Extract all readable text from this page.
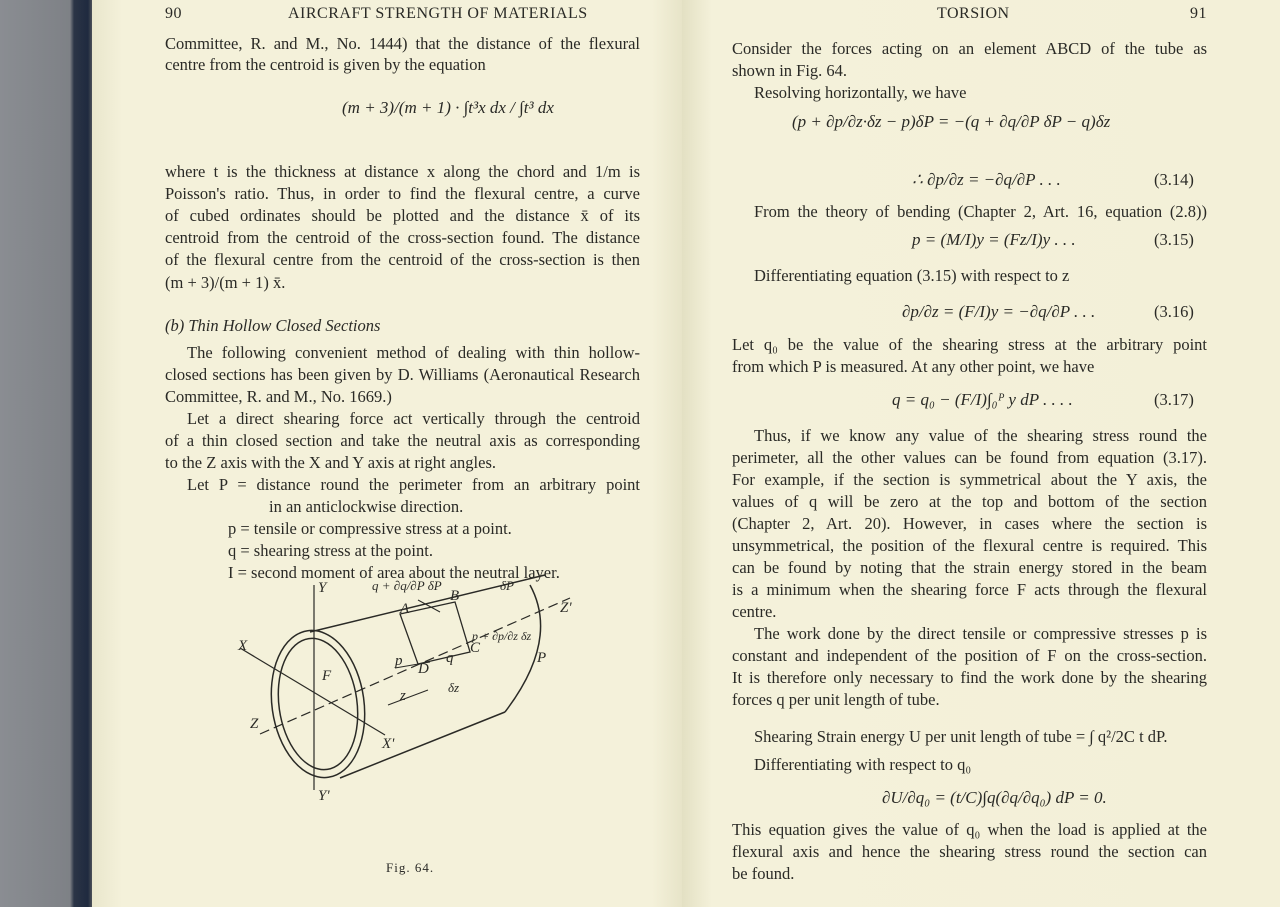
90	AIRCRAFT STRENGTH OF MATERIALS
(m + 3)/(m + 1) · ∫t³x dx / ∫t³ dx
Committee, R. and M., No. 1444) that the distance of the flexural
centre from the centroid is given by the equation
where t is the thickness at distance x along the chord and 1/m is
Poisson's ratio. Thus, in order to find the flexural centre, a curve
of cubed ordinates should be plotted and the distance x̄ of its
centroid from the centroid of the cross-section found. The distance
of the flexural centre from the centroid of the cross-section is then
(m + 3)/(m + 1) x̄.
(b) Thin Hollow Closed Sections
The following convenient method of dealing with thin hollow-
closed sections has been given by D. Williams (Aeronautical Research
Committee, R. and M., No. 1669.)
Let a direct shearing force act vertically through the centroid
of a thin closed section and take the neutral axis as corresponding
to the Z axis with the X and Y axis at right angles.
Let P = distance round the perimeter from an arbitrary point
in an anticlockwise direction.
p = tensile or compressive stress at a point.
q = shearing stress at the point.
I = second moment of area about the neutral layer.
Y
Y'
X
X'
Z
Z'
F
A
B
C
D
P
p	q
z
δz
δP
q + ∂q/∂P δP
p + ∂p/∂z δz
Fig. 64.
TORSION	91
Consider the forces acting on an element ABCD of the tube as
shown in Fig. 64.
Resolving horizontally, we have
From the theory of bending (Chapter 2, Art. 16, equation (2.8))
Differentiating equation (3.15) with respect to z
Let q₀ be the value of the shearing stress at the arbitrary point
from which P is measured. At any other point, we have
Thus, if we know any value of the shearing stress round the
perimeter, all the other values can be found from equation (3.17).
For example, if the section is symmetrical about the Y axis, the
values of q will be zero at the top and bottom of the section
(Chapter 2, Art. 20). However, in cases where the section is
unsymmetrical, the position of the flexural centre is required. This
can be found by noting that the strain energy stored in the beam
is a minimum when the shearing force F acts through the flexural
centre.
The work done by the direct tensile or compressive stresses p is
constant and independent of the position of F on the cross-section.
It is therefore only necessary to find the work done by the shearing
forces q per unit length of tube.
Shearing Strain energy U per unit length of tube = ∫ q²/2C t dP.
Differentiating with respect to q₀
This equation gives the value of q₀ when the load is applied at the
flexural axis and hence the shearing stress round the section can
be found.
(p + ∂p/∂z·δz − p)δP = −(q + ∂q/∂P δP − q)δz
∴ ∂p/∂z = −∂q/∂P . . .	(3.14)
p = (M/I)y = (Fz/I)y . . .	(3.15)
∂p/∂z = (F/I)y = −∂q/∂P . . .	(3.16)
q = q₀ − (F/I)∫₀ᴾ y dP . . . .	(3.17)
∂U/∂q₀ = (t/C)∫q(∂q/∂q₀) dP = 0.
